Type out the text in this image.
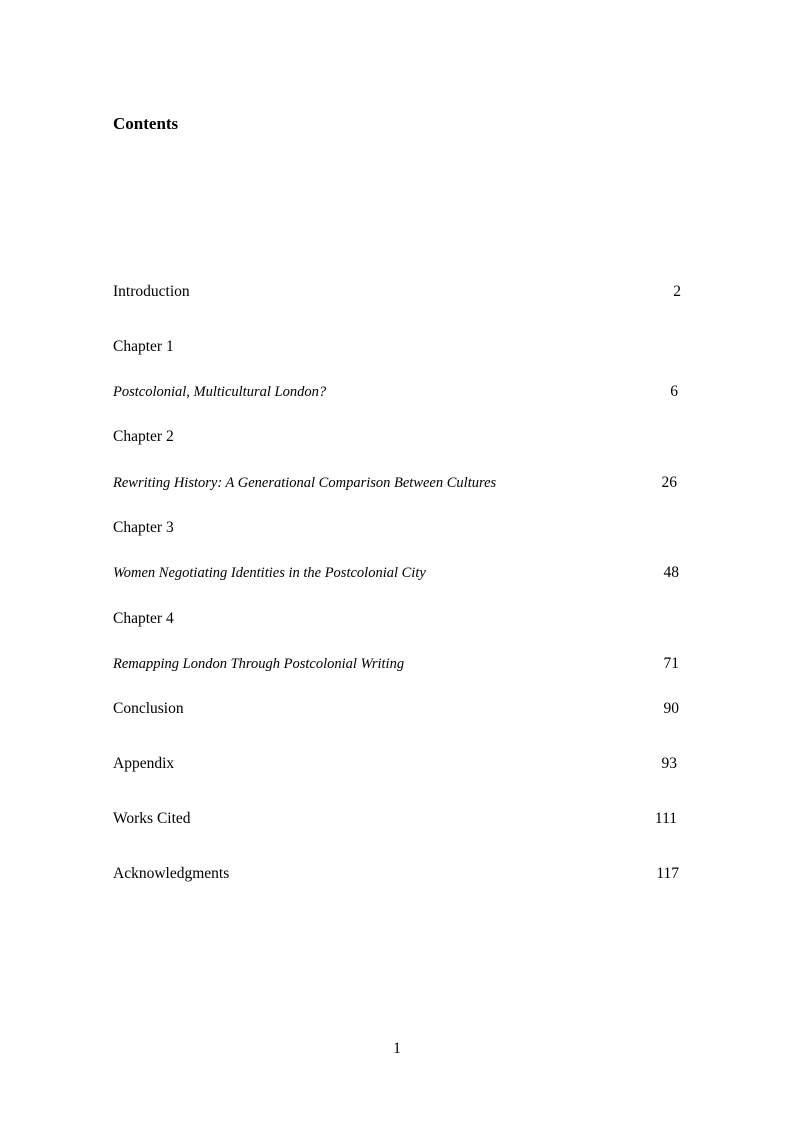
Contents
Introduction	2
Chapter 1
Postcolonial, Multicultural London?	6
Chapter 2
Rewriting History: A Generational Comparison Between Cultures	26
Chapter 3
Women Negotiating Identities in the Postcolonial City	48
Chapter 4
Remapping London Through Postcolonial Writing	71
Conclusion	90
Appendix	93
Works Cited	111
Acknowledgments	117
1
